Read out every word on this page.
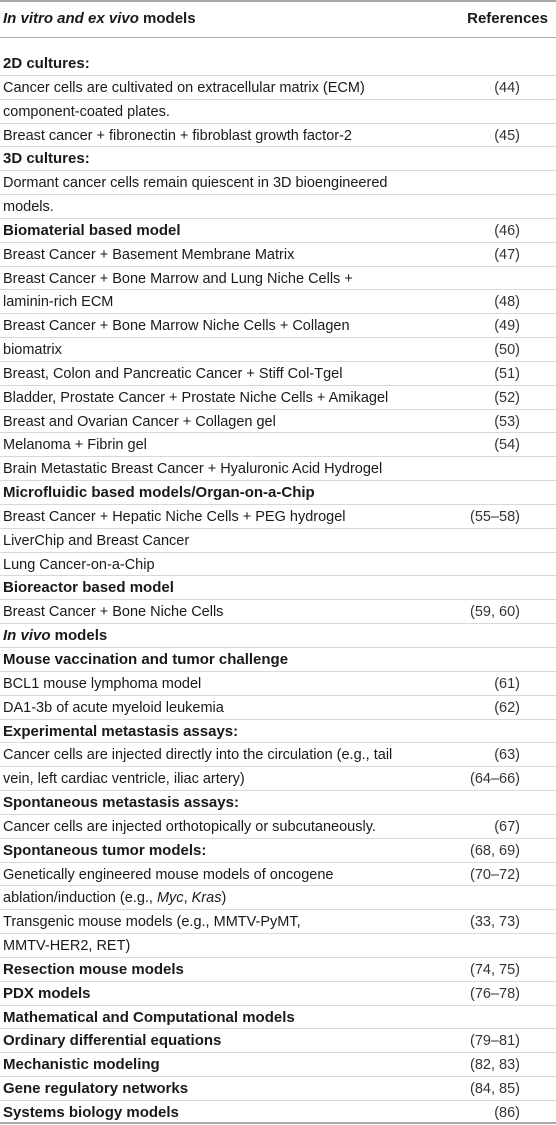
In vitro and ex vivo models	References
2D cultures:
Cancer cells are cultivated on extracellular matrix (ECM)	(44)
component-coated plates.
Breast cancer + fibronectin + fibroblast growth factor-2	(45)
3D cultures:
Dormant cancer cells remain quiescent in 3D bioengineered
models.
Biomaterial based model	(46)
Breast Cancer + Basement Membrane Matrix	(47)
Breast Cancer + Bone Marrow and Lung Niche Cells +
laminin-rich ECM	(48)
Breast Cancer + Bone Marrow Niche Cells + Collagen	(49)
biomatrix	(50)
Breast, Colon and Pancreatic Cancer + Stiff Col-Tgel	(51)
Bladder, Prostate Cancer + Prostate Niche Cells + Amikagel	(52)
Breast and Ovarian Cancer + Collagen gel	(53)
Melanoma + Fibrin gel	(54)
Brain Metastatic Breast Cancer + Hyaluronic Acid Hydrogel
Microfluidic based models/Organ-on-a-Chip
Breast Cancer + Hepatic Niche Cells + PEG hydrogel	(55–58)
LiverChip and Breast Cancer
Lung Cancer-on-a-Chip
Bioreactor based model
Breast Cancer + Bone Niche Cells	(59, 60)
In vivo models
Mouse vaccination and tumor challenge
BCL1 mouse lymphoma model	(61)
DA1-3b of acute myeloid leukemia	(62)
Experimental metastasis assays:
Cancer cells are injected directly into the circulation (e.g., tail	(63)
vein, left cardiac ventricle, iliac artery)	(64–66)
Spontaneous metastasis assays:
Cancer cells are injected orthotopically or subcutaneously.	(67)
Spontaneous tumor models:	(68, 69)
Genetically engineered mouse models of oncogene	(70–72)
ablation/induction (e.g., Myc, Kras)
Transgenic mouse models (e.g., MMTV-PyMT,	(33, 73)
MMTV-HER2, RET)
Resection mouse models	(74, 75)
PDX models	(76–78)
Mathematical and Computational models
Ordinary differential equations	(79–81)
Mechanistic modeling	(82, 83)
Gene regulatory networks	(84, 85)
Systems biology models	(86)
